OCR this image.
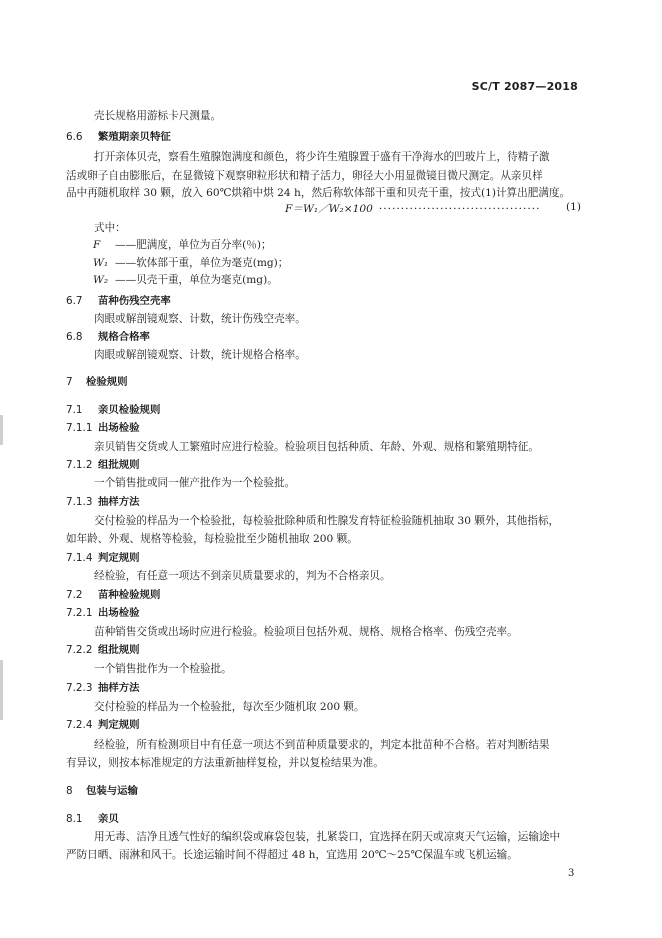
SC/T 2087—2018
壳长规格用游标卡尺测量。
6.6 繁殖期亲贝特征
打开亲体贝壳，察看生殖腺饱满度和颜色，将少许生殖腺置于盛有干净海水的凹玻片上，待精子激
活或卵子自由膨胀后，在显微镜下观察卵粒形状和精子活力，卵径大小用显微镜目微尺测定。从亲贝样
品中再随机取样 30 颗，放入 60℃烘箱中烘 24 h，然后称软体部干重和贝壳干重，按式(1)计算出肥满度。
F＝W₁／W₂×100 ····································· (1)
式中：
F ——肥满度，单位为百分率(％)；
W₁ ——软体部干重，单位为毫克(mg)；
W₂ ——贝壳干重，单位为毫克(mg)。
6.7 苗种伤残空壳率
肉眼或解剖镜观察、计数，统计伤残空壳率。
6.8 规格合格率
肉眼或解剖镜观察、计数，统计规格合格率。
7 检验规则
7.1 亲贝检验规则
7.1.1 出场检验
亲贝销售交货或人工繁殖时应进行检验。检验项目包括种质、年龄、外观、规格和繁殖期特征。
7.1.2 组批规则
一个销售批或同一催产批作为一个检验批。
7.1.3 抽样方法
交付检验的样品为一个检验批，每检验批除种质和性腺发育特征检验随机抽取 30 颗外，其他指标，
如年龄、外观、规格等检验，每检验批至少随机抽取 200 颗。
7.1.4 判定规则
经检验，有任意一项达不到亲贝质量要求的，判为不合格亲贝。
7.2 苗种检验规则
7.2.1 出场检验
苗种销售交货或出场时应进行检验。检验项目包括外观、规格、规格合格率、伤残空壳率。
7.2.2 组批规则
一个销售批作为一个检验批。
7.2.3 抽样方法
交付检验的样品为一个检验批，每次至少随机取 200 颗。
7.2.4 判定规则
经检验，所有检测项目中有任意一项达不到苗种质量要求的，判定本批苗种不合格。若对判断结果
有异议，则按本标准规定的方法重新抽样复检，并以复检结果为准。
8 包装与运输
8.1 亲贝
用无毒、洁净且透气性好的编织袋或麻袋包装，扎紧袋口，宜选择在阴天或凉爽天气运输，运输途中
严防日晒、雨淋和风干。长途运输时间不得超过 48 h，宜选用 20℃～25℃保温车或飞机运输。
3
